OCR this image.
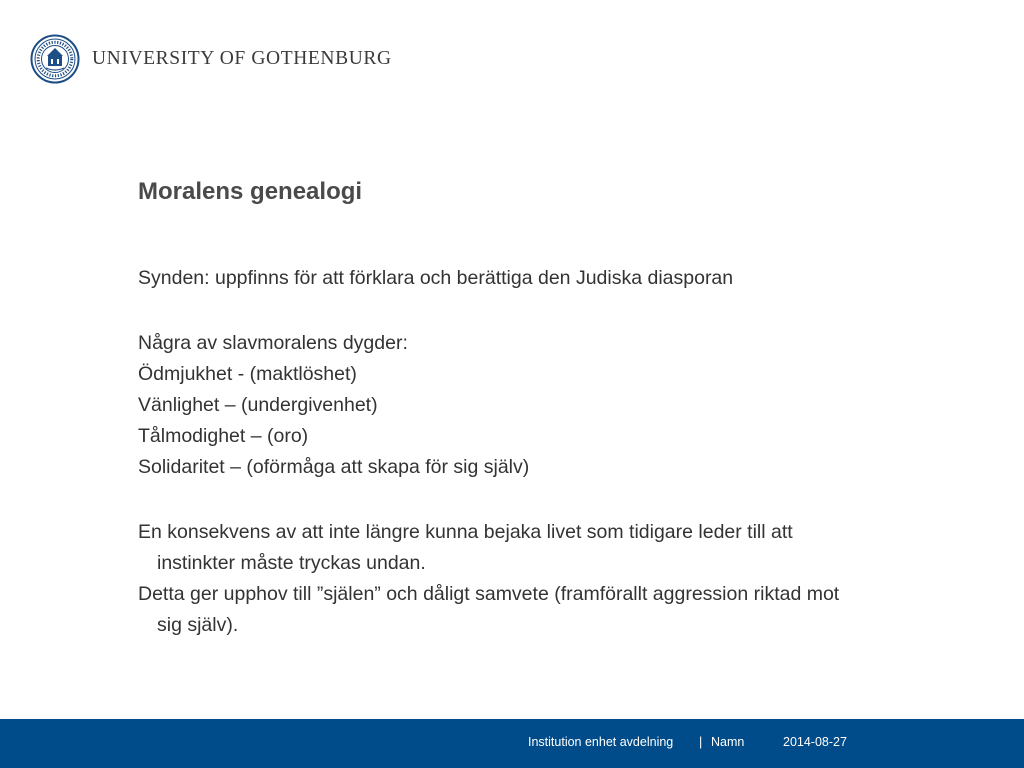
UNIVERSITY OF GOTHENBURG
Moralens genealogi

Synden: uppfinns för att förklara och berättiga den Judiska diasporan

Några av slavmoralens dygder:

Ödmjukhet - (maktlöshet)

Vänlighet – (undergivenhet)

Tålmodighet – (oro)

Solidaritet – (oförmåga att skapa för sig själv)

En konsekvens av att inte längre kunna bejaka livet som tidigare leder till att instinkter måste tryckas undan.

Detta ger upphov till ”själen” och dåligt samvete (framförallt aggression riktad mot sig själv).

Institution enhet avdelning | Namn	2014-08-27
